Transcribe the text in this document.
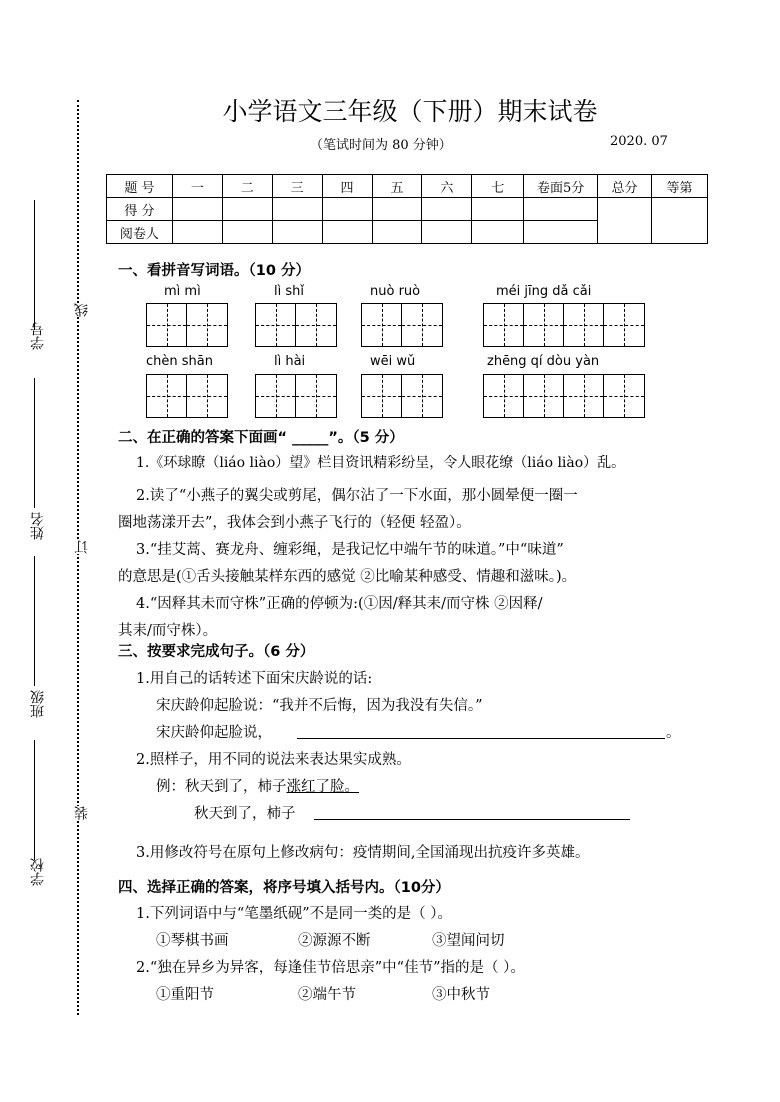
学号
姓名
班级
学校
线
订
装
小学语文三年级（下册）期末试卷
（笔试时间为 80 分钟）	2020. 07
题 号	一	二	三	四	五	六	七	卷面5分	总分	等第
得 分										
阅卷人										
一、看拼音写词语。（10 分）
mì mì	lì shǐ	nuò ruò	méi jīng dǎ cǎi
chèn shān	lì hài	wēi wǔ	zhēng qí dòu yàn
二、在正确的答案下面画“ _____”。（5 分）
1.《环球瞭（liáo liào）望》栏目资讯精彩纷呈，令人眼花缭（liáo liào）乱。
2.读了“小燕子的翼尖或剪尾，偶尔沾了一下水面，那小圆晕便一圈一
圈地荡漾开去”，我体会到小燕子飞行的（轻便 轻盈）。
3.“挂艾蒿、赛龙舟、缠彩绳，是我记忆中端午节的味道。”中“味道”
的意思是(①舌头接触某样东西的感觉 ②比喻某种感受、情趣和滋味。)。
4.“因释其未而守株”正确的停顿为:(①因/释其耒/而守株 ②因释/
其耒/而守株）。
三、按要求完成句子。（6 分）
1.用自己的话转述下面宋庆龄说的话:
宋庆龄仰起脸说：“我并不后悔，因为我没有失信。”
宋庆龄仰起脸说，	。
2.照样子，用不同的说法来表达果实成熟。
例：秋天到了，柿子涨红了脸。
秋天到了，柿子
3.用修改符号在原句上修改病句：疫情期间,全国涌现出抗疫许多英雄。
四、选择正确的答案，将序号填入括号内。（10分）
1.下列词语中与“笔墨纸砚”不是同一类的是（ ）。
①琴棋书画	②源源不断	③望闻问切
2.“独在异乡为异客，每逢佳节倍思亲”中“佳节”指的是（ ）。
①重阳节	②端午节	③中秋节
